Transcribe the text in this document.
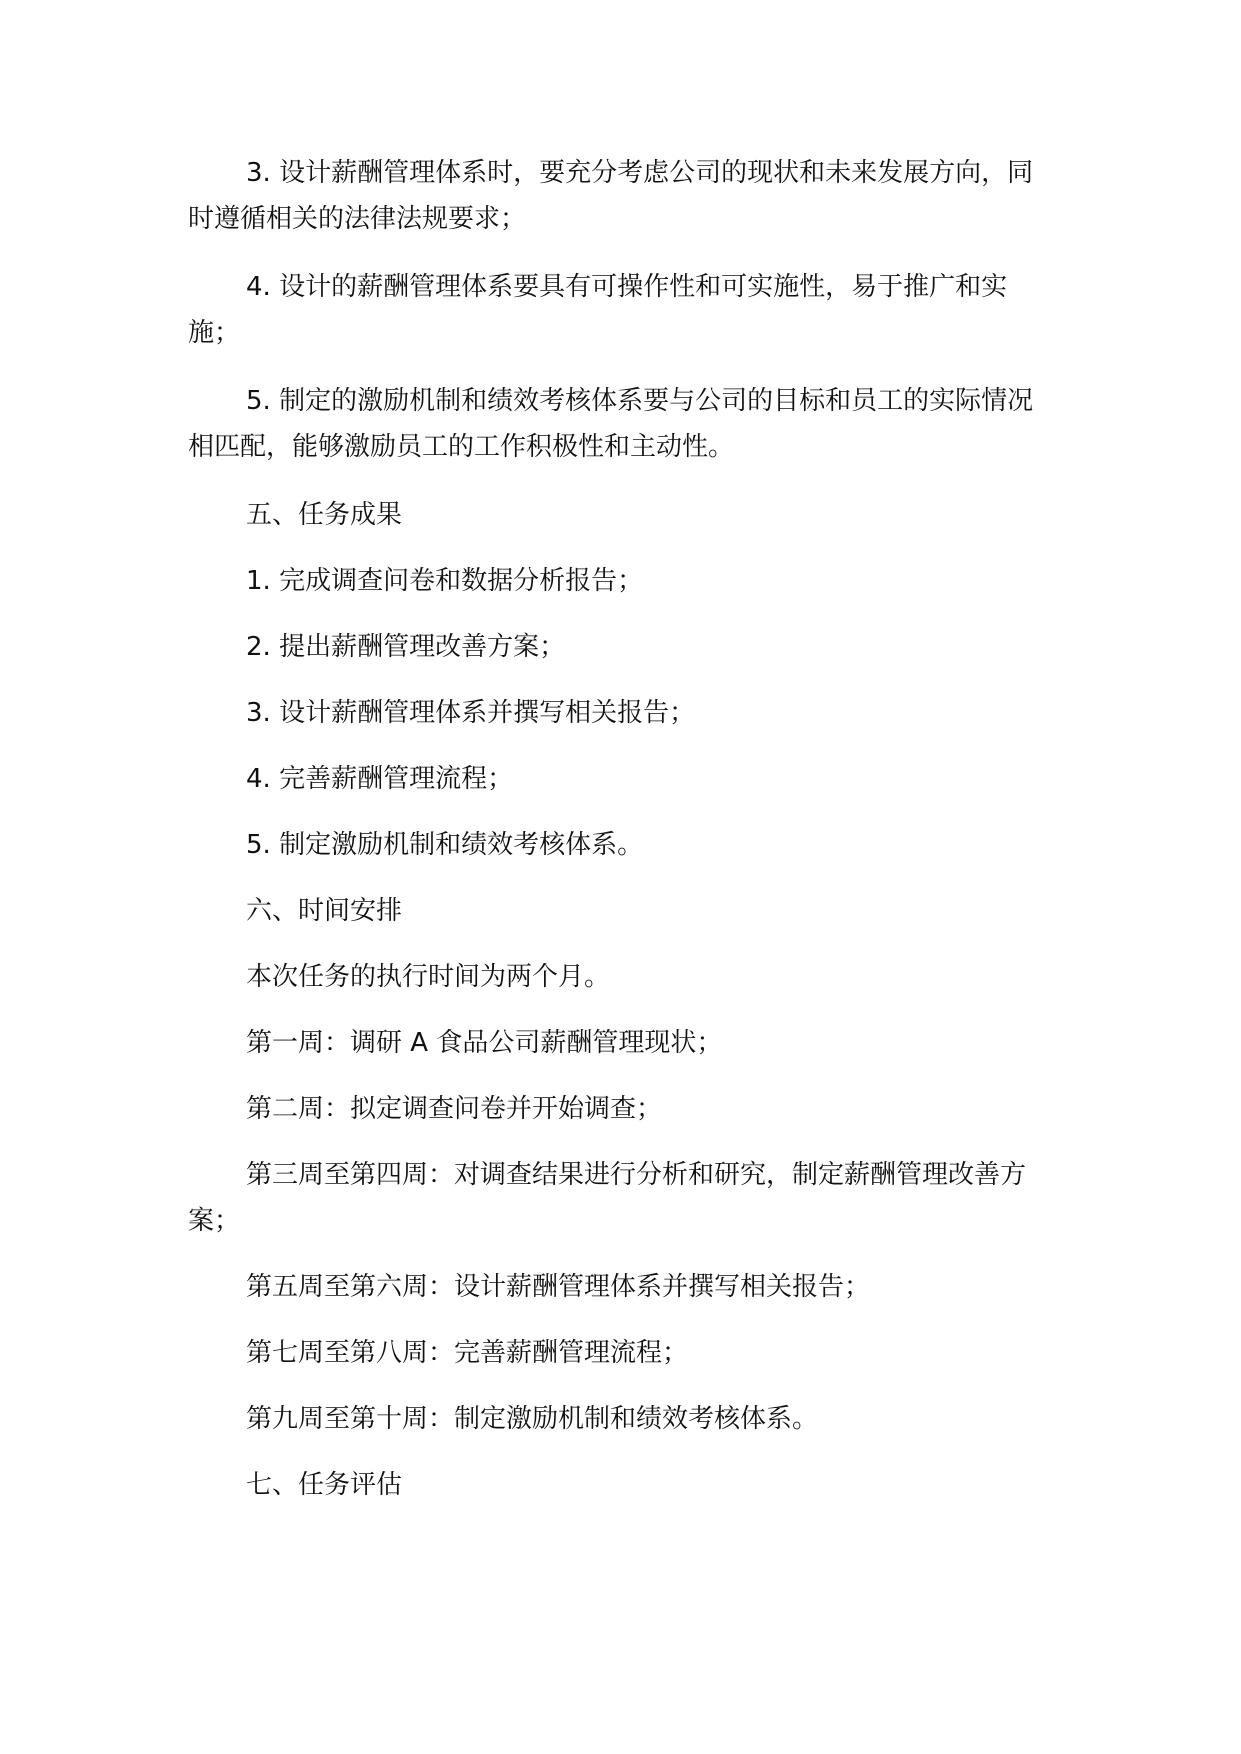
3. 设计薪酬管理体系时，要充分考虑公司的现状和未来发展方向，同时遵循相关的法律法规要求；

4. 设计的薪酬管理体系要具有可操作性和可实施性，易于推广和实施；

5. 制定的激励机制和绩效考核体系要与公司的目标和员工的实际情况相匹配，能够激励员工的工作积极性和主动性。

五、任务成果

1. 完成调查问卷和数据分析报告；

2. 提出薪酬管理改善方案；

3. 设计薪酬管理体系并撰写相关报告；

4. 完善薪酬管理流程；

5. 制定激励机制和绩效考核体系。

六、时间安排

本次任务的执行时间为两个月。

第一周：调研 A 食品公司薪酬管理现状；

第二周：拟定调查问卷并开始调查；

第三周至第四周：对调查结果进行分析和研究，制定薪酬管理改善方案；

第五周至第六周：设计薪酬管理体系并撰写相关报告；

第七周至第八周：完善薪酬管理流程；

第九周至第十周：制定激励机制和绩效考核体系。

七、任务评估
